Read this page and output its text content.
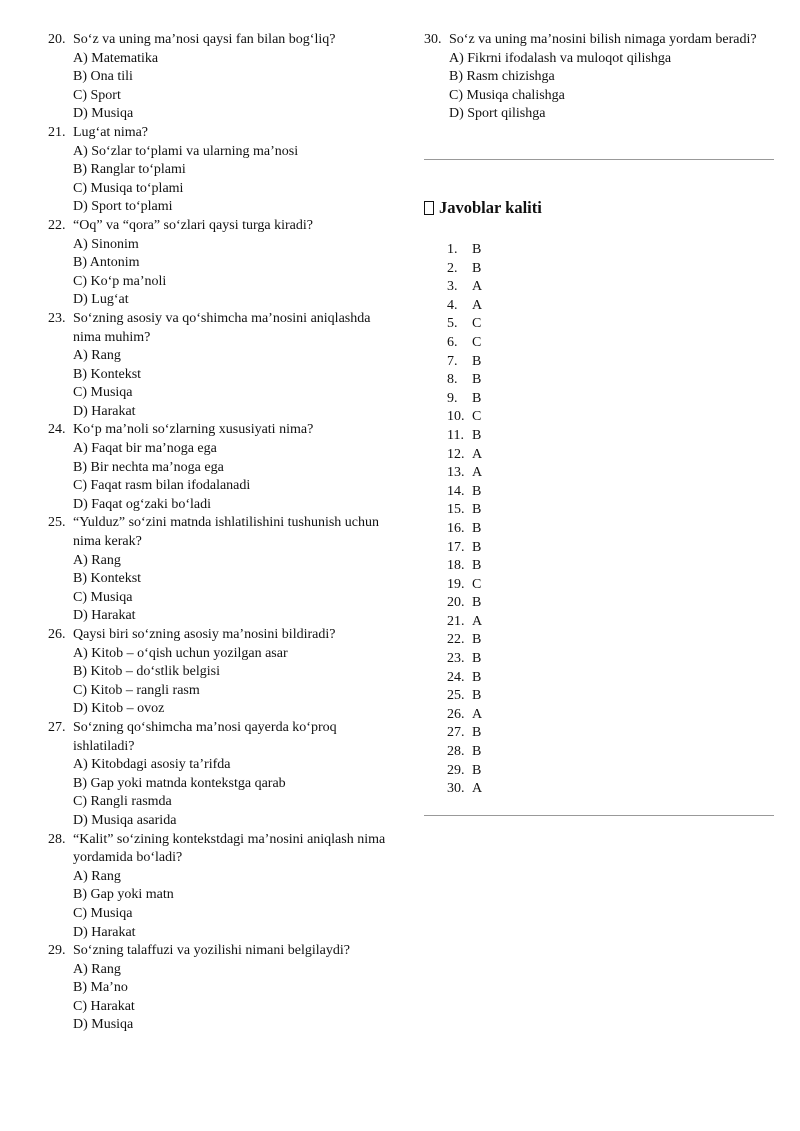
20. So‘z va uning ma’nosi qaysi fan bilan bog‘liq?
A) Matematika
B) Ona tili
C) Sport
D) Musiqa
21. Lug‘at nima?
A) So‘zlar to‘plami va ularning ma’nosi
B) Ranglar to‘plami
C) Musiqa to‘plami
D) Sport to‘plami
22. “Oq” va “qora” so‘zlari qaysi turga kiradi?
A) Sinonim
B) Antonim
C) Ko‘p ma’noli
D) Lug‘at
23. So‘zning asosiy va qo‘shimcha ma’nosini aniqlashda nima muhim?
A) Rang
B) Kontekst
C) Musiqa
D) Harakat
24. Ko‘p ma’noli so‘zlarning xususiyati nima?
A) Faqat bir ma’noga ega
B) Bir nechta ma’noga ega
C) Faqat rasm bilan ifodalanadi
D) Faqat og‘zaki bo‘ladi
25. “Yulduz” so‘zini matnda ishlatilishini tushunish uchun nima kerak?
A) Rang
B) Kontekst
C) Musiqa
D) Harakat
26. Qaysi biri so‘zning asosiy ma’nosini bildiradi?
A) Kitob – o‘qish uchun yozilgan asar
B) Kitob – do‘stlik belgisi
C) Kitob – rangli rasm
D) Kitob – ovoz
27. So‘zning qo‘shimcha ma’nosi qayerda ko‘proq ishlatiladi?
A) Kitobdagi asosiy ta’rifda
B) Gap yoki matnda kontekstga qarab
C) Rangli rasmda
D) Musiqa asarida
28. “Kalit” so‘zining kontekstdagi ma’nosini aniqlash nima yordamida bo‘ladi?
A) Rang
B) Gap yoki matn
C) Musiqa
D) Harakat
29. So‘zning talaffuzi va yozilishi nimani belgilaydi?
A) Rang
B) Ma’no
C) Harakat
D) Musiqa
30. So‘z va uning ma’nosini bilish nimaga yordam beradi?
A) Fikrni ifodalash va muloqot qilishga
B) Rasm chizishga
C) Musiqa chalishga
D) Sport qilishga
Javoblar kaliti
1.	B
2.	B
3.	A
4.	A
5.	C
6.	C
7.	B
8.	B
9.	B
10. C
11. B
12. A
13. A
14. B
15. B
16. B
17. B
18. B
19. C
20. B
21. A
22. B
23. B
24. B
25. B
26. A
27. B
28. B
29. B
30. A
